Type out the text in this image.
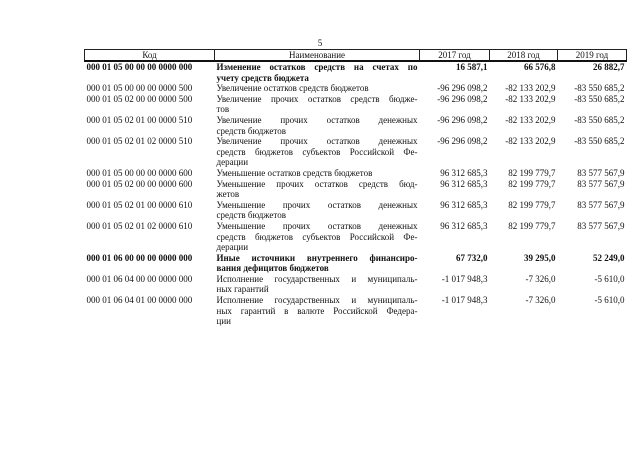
5
Код	Наименование	2017 год	2018 год	2019 год
000 01 05 00 00 00 0000 000	Изменение остатков средств на счетах по
учету средств бюджета	16 587,1	66 576,8	26 882,7
000 01 05 00 00 00 0000 500	Увеличение остатков средств бюджетов	-96 296 098,2	-82 133 202,9	-83 550 685,2
000 01 05 02 00 00 0000 500	Увеличение прочих остатков средств бюдже-
тов	-96 296 098,2	-82 133 202,9	-83 550 685,2
000 01 05 02 01 00 0000 510	Увеличение прочих остатков денежных
средств бюджетов	-96 296 098,2	-82 133 202,9	-83 550 685,2
000 01 05 02 01 02 0000 510	Увеличение прочих остатков денежных
средств бюджетов субъектов Российской Фе-
дерации	-96 296 098,2	-82 133 202,9	-83 550 685,2
000 01 05 00 00 00 0000 600	Уменьшение остатков средств бюджетов	96 312 685,3	82 199 779,7	83 577 567,9
000 01 05 02 00 00 0000 600	Уменьшение прочих остатков средств бюд-
жетов	96 312 685,3	82 199 779,7	83 577 567,9
000 01 05 02 01 00 0000 610	Уменьшение прочих остатков денежных
средств бюджетов	96 312 685,3	82 199 779,7	83 577 567,9
000 01 05 02 01 02 0000 610	Уменьшение прочих остатков денежных
средств бюджетов субъектов Российской Фе-
дерации	96 312 685,3	82 199 779,7	83 577 567,9
000 01 06 00 00 00 0000 000	Иные источники внутреннего финансиро-
вания дефицитов бюджетов	67 732,0	39 295,0	52 249,0
000 01 06 04 00 00 0000 000	Исполнение государственных и муниципаль-
ных гарантий	-1 017 948,3	-7 326,0	-5 610,0
000 01 06 04 01 00 0000 000	Исполнение государственных и муниципаль-
ных гарантий в валюте Российской Федера-
ции	-1 017 948,3	-7 326,0	-5 610,0
